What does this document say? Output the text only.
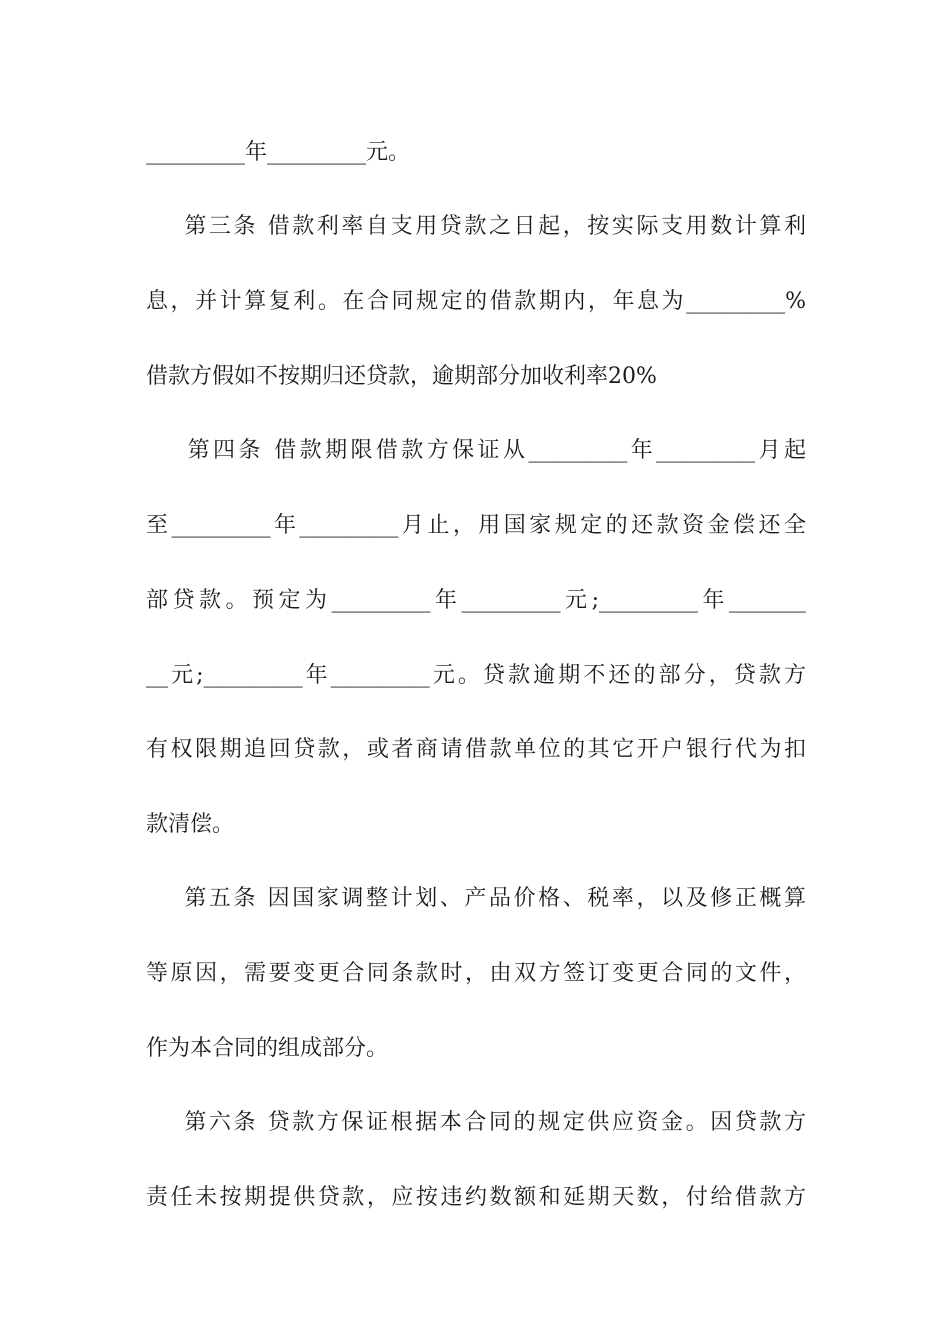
_________年_________元。
第三条 借款利率自支用贷款之日起，按实际支用数计算利
息，并计算复利。在合同规定的借款期内，年息为_________%
借款方假如不按期归还贷款，逾期部分加收利率20%
第四条 借款期限借款方保证从_________年_________月起
至_________年_________月止，用国家规定的还款资金偿还全
部贷款。预定为_________年_________元;_________年_______
__元;_________年_________元。贷款逾期不还的部分，贷款方
有权限期追回贷款，或者商请借款单位的其它开户银行代为扣
款清偿。
第五条 因国家调整计划、产品价格、税率，以及修正概算
等原因，需要变更合同条款时，由双方签订变更合同的文件，
作为本合同的组成部分。
第六条 贷款方保证根据本合同的规定供应资金。因贷款方
责任未按期提供贷款，应按违约数额和延期天数，付给借款方
